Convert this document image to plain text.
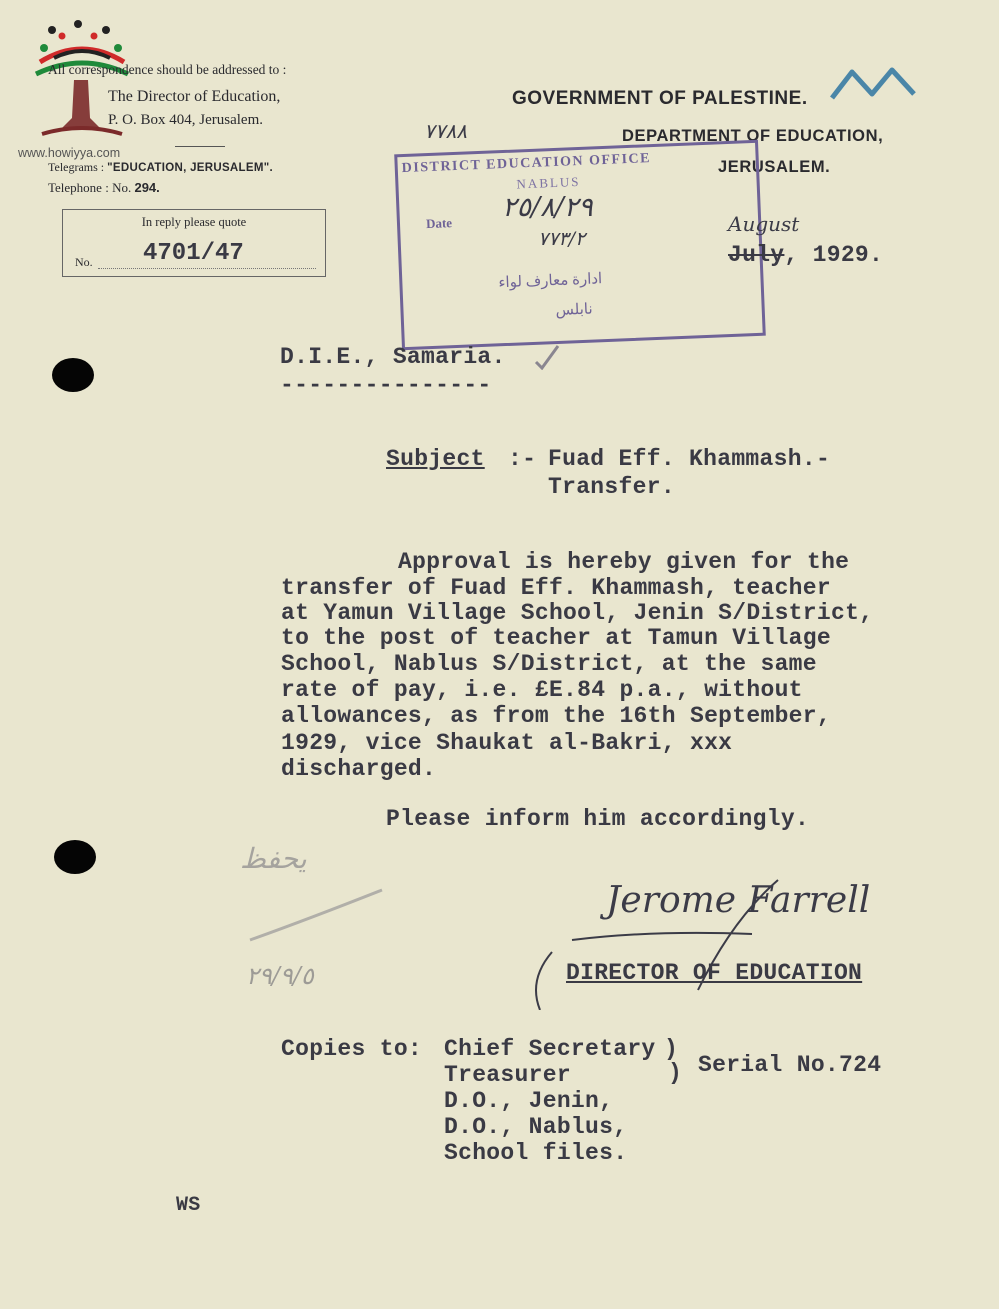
All correspondence should be addressed to :
The Director of Education,
P. O. Box 404, Jerusalem.
www.howiyya.com
Telegrams : "EDUCATION, JERUSALEM".
Telephone : No. 294.
In reply please quote
No. 4701/47
GOVERNMENT OF PALESTINE.
DEPARTMENT OF EDUCATION,
JERUSALEM.
٧٧٨٨
DISTRICT EDUCATION OFFICE
NABLUS
Date
ادارة معارف لواء
نابلس
٢٥/٨/٢٩
٧٧٣/٢
August
July, 1929.
D.I.E., Samaria.
---------------
Subject :- Fuad Eff. Khammash.-
Transfer.
Approval is hereby given for the
transfer of Fuad Eff. Khammash, teacher
at Yamun Village School, Jenin S/District,
to the post of teacher at Tamun Village
School, Nablus S/District, at the same
rate of pay, i.e. £E.84 p.a., without
allowances, as from the 16th September,
1929, vice Shaukat al-Bakri, xxx
discharged.
Please inform him accordingly.
يحفظ
٢٩/٩/٥
Jerome Farrell
DIRECTOR OF EDUCATION
Copies to: Chief Secretary
Treasurer
D.O., Jenin,
D.O., Nablus,
School files.
)
) Serial No.724
WS
